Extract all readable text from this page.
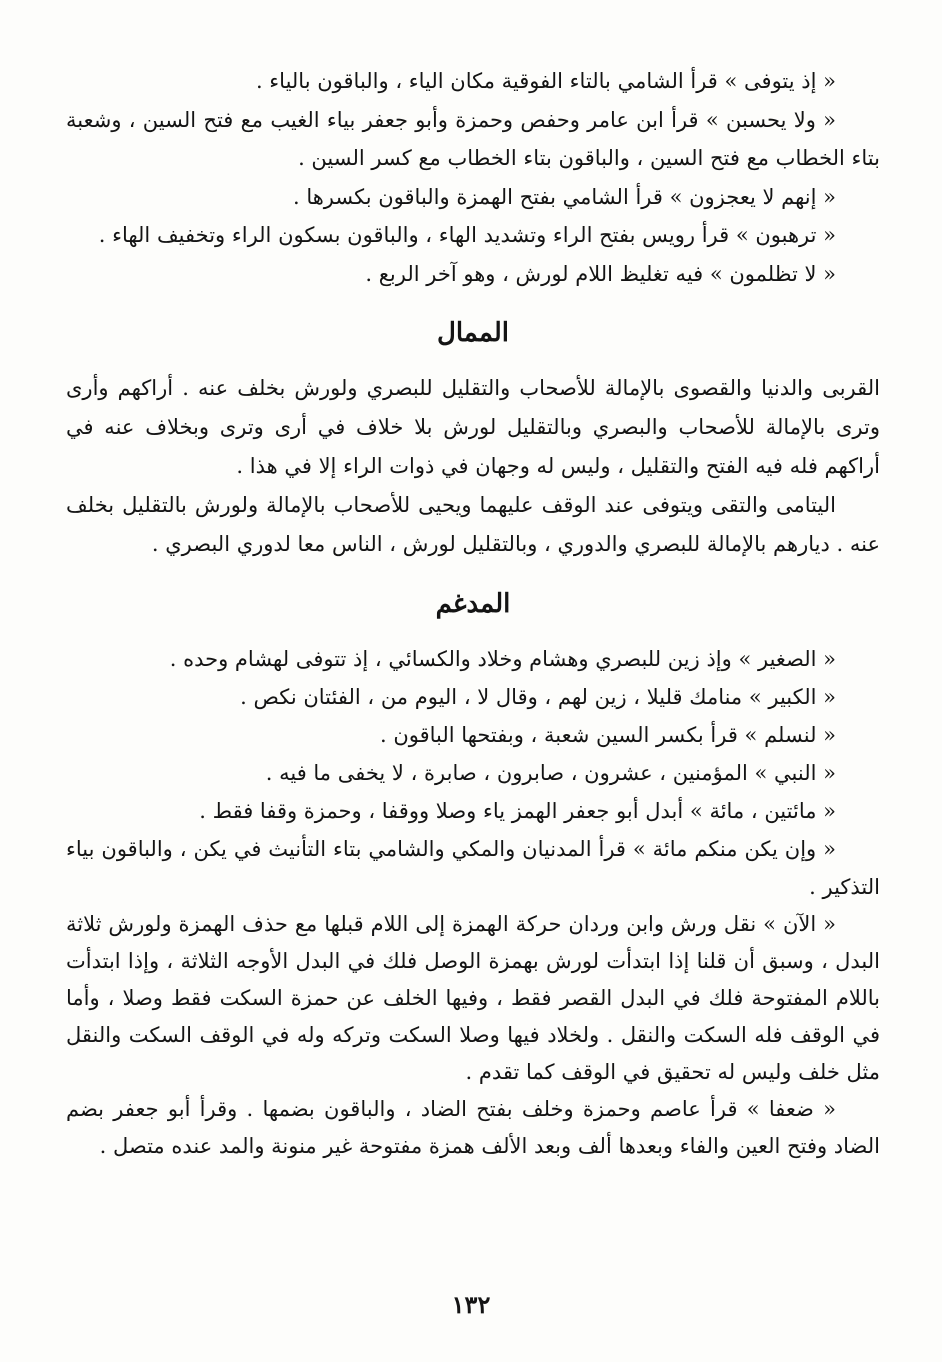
« إذ يتوفى » قرأ الشامي بالتاء الفوقية مكان الياء ، والباقون بالياء .

« ولا يحسبن » قرأ ابن عامر وحفص وحمزة وأبو جعفر بياء الغيب مع فتح السين ، وشعبة بتاء الخطاب مع فتح السين ، والباقون بتاء الخطاب مع كسر السين .

« إنهم لا يعجزون » قرأ الشامي بفتح الهمزة والباقون بكسرها .

« ترهبون » قرأ رويس بفتح الراء وتشديد الهاء ، والباقون بسكون الراء وتخفيف الهاء .

« لا تظلمون » فيه تغليظ اللام لورش ، وهو آخر الربع .

الممال

القربى والدنيا والقصوى بالإمالة للأصحاب والتقليل للبصري ولورش بخلف عنه . أراكهم وأرى وترى بالإمالة للأصحاب والبصري وبالتقليل لورش بلا خلاف في أرى وترى وبخلاف عنه في أراكهم فله فيه الفتح والتقليل ، وليس له وجهان في ذوات الراء إلا في هذا .

اليتامى والتقى ويتوفى عند الوقف عليهما ويحيى للأصحاب بالإمالة ولورش بالتقليل بخلف عنه . ديارهم بالإمالة للبصري والدوري ، وبالتقليل لورش ، الناس معا لدوري البصري .

المدغم

« الصغير » وإذ زين للبصري وهشام وخلاد والكسائي ، إذ تتوفى لهشام وحده .

« الكبير » منامك قليلا ، زين لهم ، وقال لا ، اليوم من ، الفئتان نكص .

« لنسلم » قرأ بكسر السين شعبة ، وبفتحها الباقون .

« النبي » المؤمنين ، عشرون ، صابرون ، صابرة ، لا يخفى ما فيه .

« مائتين ، مائة » أبدل أبو جعفر الهمز ياء وصلا ووقفا ، وحمزة وقفا فقط .

« وإن يكن منكم مائة » قرأ المدنيان والمكي والشامي بتاء التأنيث في يكن ، والباقون بياء التذكير .

« الآن » نقل ورش وابن وردان حركة الهمزة إلى اللام قبلها مع حذف الهمزة ولورش ثلاثة البدل ، وسبق أن قلنا إذا ابتدأت لورش بهمزة الوصل فلك في البدل الأوجه الثلاثة ، وإذا ابتدأت باللام المفتوحة فلك في البدل القصر فقط ، وفيها الخلف عن حمزة السكت فقط وصلا ، وأما في الوقف فله السكت والنقل . ولخلاد فيها وصلا السكت وتركه وله في الوقف السكت والنقل مثل خلف وليس له تحقيق في الوقف كما تقدم .

« ضعفا » قرأ عاصم وحمزة وخلف بفتح الضاد ، والباقون بضمها . وقرأ أبو جعفر بضم الضاد وفتح العين والفاء وبعدها ألف وبعد الألف همزة مفتوحة غير منونة والمد عنده متصل .

١٣٢
